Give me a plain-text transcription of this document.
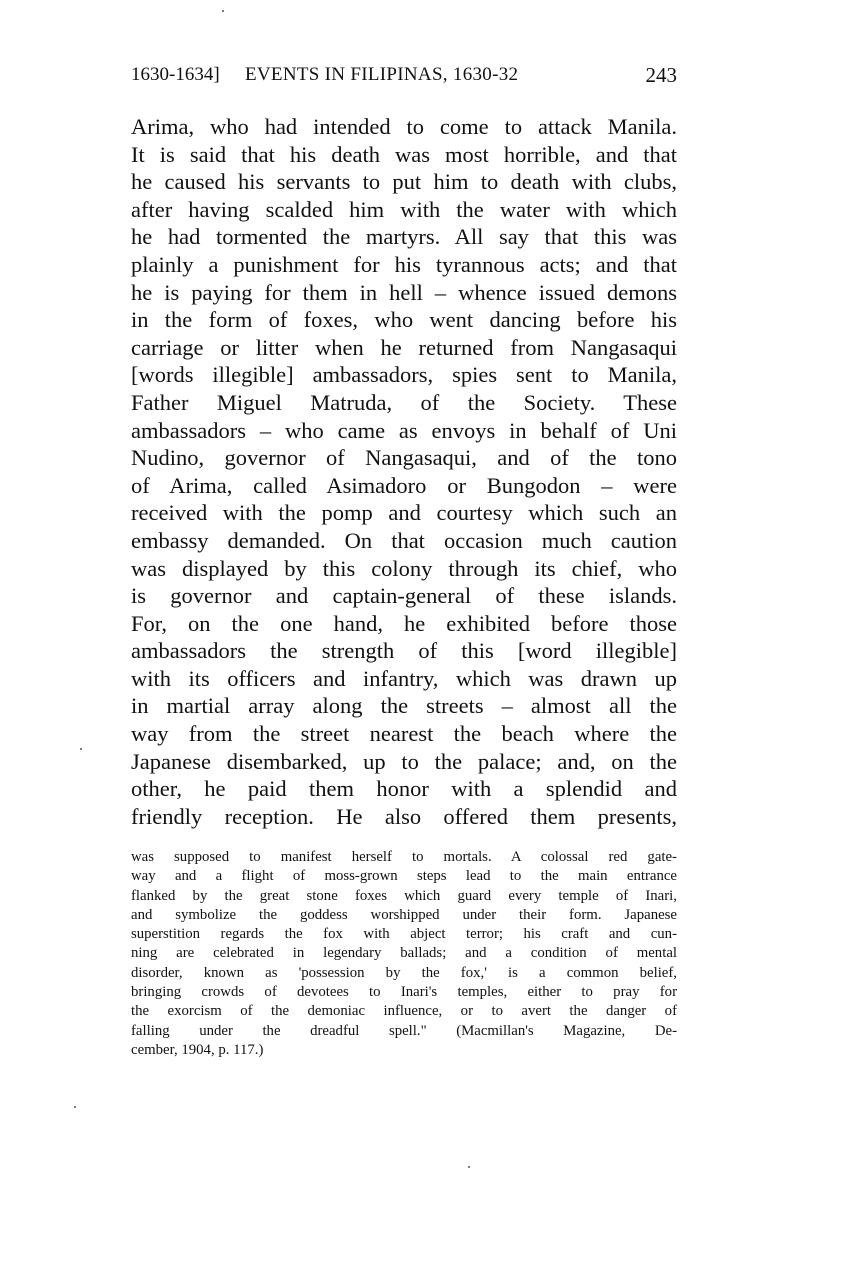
1630-1634] EVENTS IN FILIPINAS, 1630-32	243
Arima, who had intended to come to attack Manila.
It is said that his death was most horrible, and that
he caused his servants to put him to death with clubs,
after having scalded him with the water with which
he had tormented the martyrs. All say that this was
plainly a punishment for his tyrannous acts; and that
he is paying for them in hell – whence issued demons
in the form of foxes, who went dancing before his
carriage or litter when he returned from Nangasaqui
[words illegible] ambassadors, spies sent to Manila,
Father Miguel Matruda, of the Society. These
ambassadors – who came as envoys in behalf of Uni
Nudino, governor of Nangasaqui, and of the tono
of Arima, called Asimadoro or Bungodon – were
received with the pomp and courtesy which such an
embassy demanded. On that occasion much caution
was displayed by this colony through its chief, who
is governor and captain-general of these islands.
For, on the one hand, he exhibited before those
ambassadors the strength of this [word illegible]
with its officers and infantry, which was drawn up
in martial array along the streets – almost all the
way from the street nearest the beach where the
Japanese disembarked, up to the palace; and, on the
other, he paid them honor with a splendid and
friendly reception. He also offered them presents,
was supposed to manifest herself to mortals. A colossal red gate-
way and a flight of moss-grown steps lead to the main entrance
flanked by the great stone foxes which guard every temple of Inari,
and symbolize the goddess worshipped under their form. Japanese
superstition regards the fox with abject terror; his craft and cun-
ning are celebrated in legendary ballads; and a condition of mental
disorder, known as 'possession by the fox,' is a common belief,
bringing crowds of devotees to Inari's temples, either to pray for
the exorcism of the demoniac influence, or to avert the danger of
falling under the dreadful spell." (Macmillan's Magazine, De-
cember, 1904, p. 117.)
